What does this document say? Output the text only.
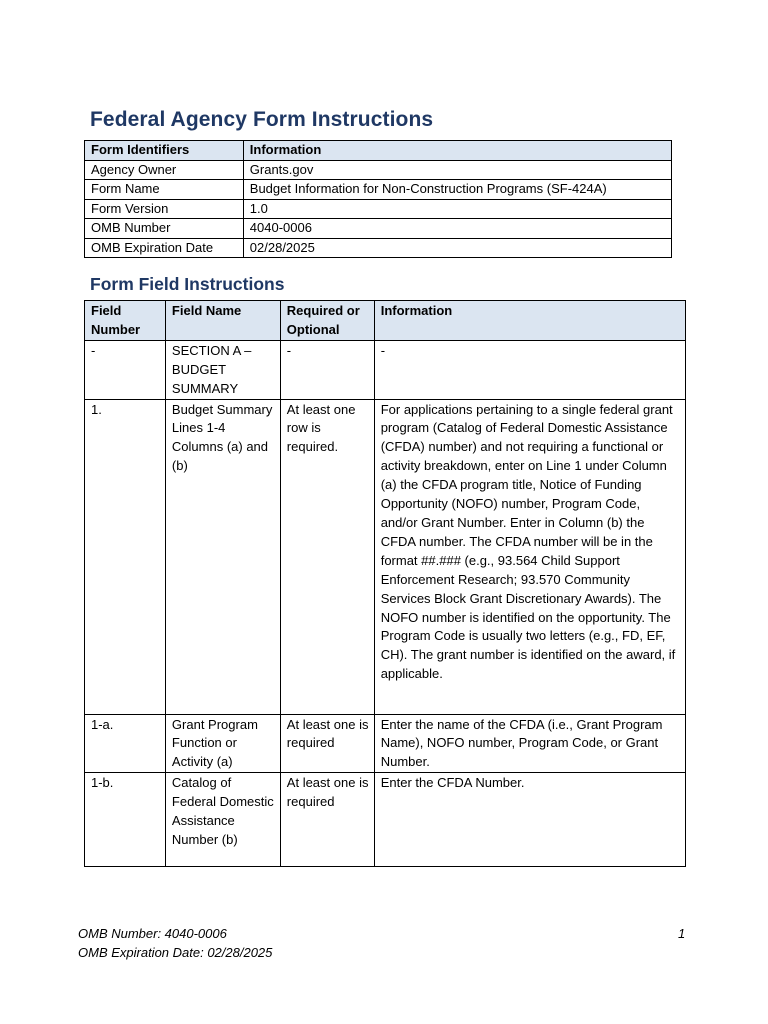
Federal Agency Form Instructions
Form Identifiers	Information
Agency Owner	Grants.gov
Form Name	Budget Information for Non-Construction Programs (SF-424A)
Form Version	1.0
OMB Number	4040-0006
OMB Expiration Date	02/28/2025
Form Field Instructions
Field Number	Field Name	Required or Optional	Information
-	SECTION A – BUDGET SUMMARY	-	-
1.	Budget Summary Lines 1-4 Columns (a) and (b)	At least one row is required.	For applications pertaining to a single federal grant program (Catalog of Federal Domestic Assistance (CFDA) number) and not requiring a functional or activity breakdown, enter on Line 1 under Column (a) the CFDA program title, Notice of Funding Opportunity (NOFO) number, Program Code, and/or Grant Number. Enter in Column (b) the CFDA number. The CFDA number will be in the format ##.### (e.g., 93.564 Child Support Enforcement Research; 93.570 Community Services Block Grant Discretionary Awards). The NOFO number is identified on the opportunity. The Program Code is usually two letters (e.g., FD, EF, CH). The grant number is identified on the award, if applicable.
1-a.	Grant Program Function or Activity (a)	At least one is required	Enter the name of the CFDA (i.e., Grant Program Name), NOFO number, Program Code, or Grant Number.
1-b.	Catalog of Federal Domestic Assistance Number (b)	At least one is required	Enter the CFDA Number.
OMB Number: 4040-0006
OMB Expiration Date: 02/28/2025
1
